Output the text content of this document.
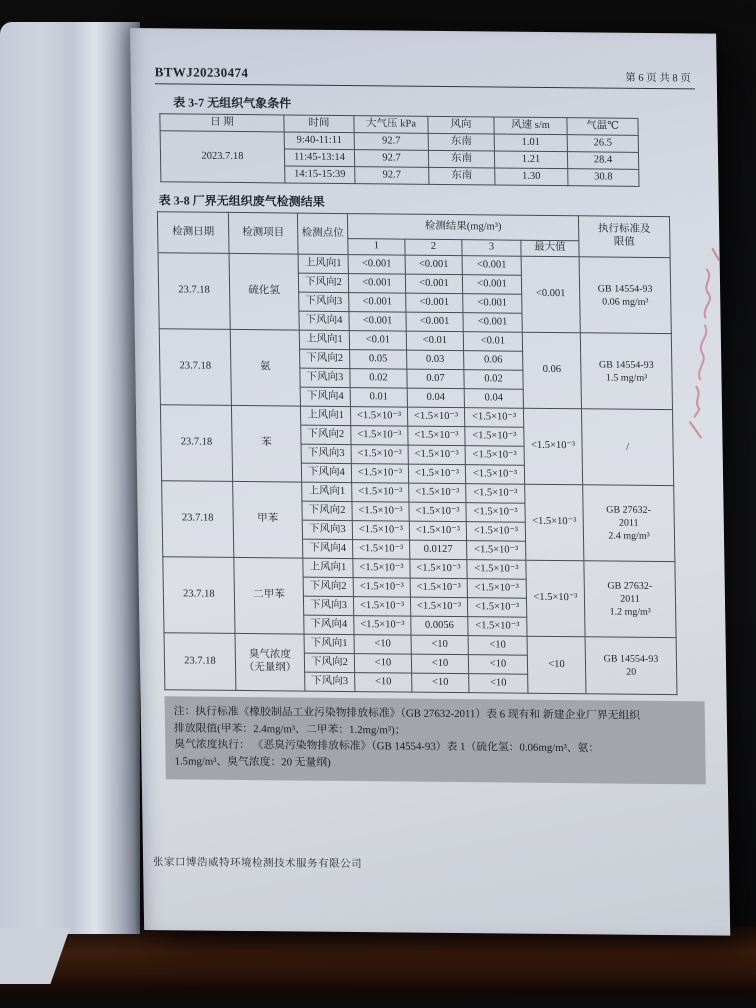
BTWJ20230474	第 6 页 共 8 页
表 3-7 无组织气象条件
日 期	时间	大气压 kPa	风向	风速 s/m	气温℃
2023.7.18	9:40-11:11	92.7	东南	1.01	26.5
	11:45-13:14	92.7	东南	1.21	28.4
	14:15-15:39	92.7	东南	1.30	30.8
表 3-8 厂界无组织废气检测结果
检测日期	检测项目	检测点位	检测结果(mg/m³)				执行标准及
限值
			1	2	3	最大值	
23.7.18	硫化氢	上风向1	<0.001	<0.001	<0.001	<0.001	GB 14554-93
0.06 mg/m³
		下风向2	<0.001	<0.001	<0.001		
		下风向3	<0.001	<0.001	<0.001		
		下风向4	<0.001	<0.001	<0.001		
23.7.18	氨	上风向1	<0.01	<0.01	<0.01	0.06	GB 14554-93
1.5 mg/m³
		下风向2	0.05	0.03	0.06		
		下风向3	0.02	0.07	0.02		
		下风向4	0.01	0.04	0.04		
23.7.18	苯	上风向1	<1.5×10⁻³	<1.5×10⁻³	<1.5×10⁻³	<1.5×10⁻³	/
		下风向2	<1.5×10⁻³	<1.5×10⁻³	<1.5×10⁻³		
		下风向3	<1.5×10⁻³	<1.5×10⁻³	<1.5×10⁻³		
		下风向4	<1.5×10⁻³	<1.5×10⁻³	<1.5×10⁻³		
23.7.18	甲苯	上风向1	<1.5×10⁻³	<1.5×10⁻³	<1.5×10⁻³	<1.5×10⁻³	GB 27632-
2011
2.4 mg/m³
		下风向2	<1.5×10⁻³	<1.5×10⁻³	<1.5×10⁻³		
		下风向3	<1.5×10⁻³	<1.5×10⁻³	<1.5×10⁻³		
		下风向4	<1.5×10⁻³	0.0127	<1.5×10⁻³		
23.7.18	二甲苯	上风向1	<1.5×10⁻³	<1.5×10⁻³	<1.5×10⁻³	<1.5×10⁻³	GB 27632-
2011
1.2 mg/m³
		下风向2	<1.5×10⁻³	<1.5×10⁻³	<1.5×10⁻³		
		下风向3	<1.5×10⁻³	<1.5×10⁻³	<1.5×10⁻³		
		下风向4	<1.5×10⁻³	0.0056	<1.5×10⁻³		
23.7.18	臭气浓度
（无量纲）	下风向1	<10	<10	<10	<10	GB 14554-93
20
		下风向2	<10	<10	<10		
		下风向3	<10	<10	<10		
注：执行标准《橡胶制品工业污染物排放标准》（GB 27632-2011）表 6 现有和 新建企业厂界无组织
排放限值(甲苯：2.4mg/m³、二甲苯：1.2mg/m³)；
臭气浓度执行： 《恶臭污染物排放标准》（GB 14554-93）表 1（硫化氢：0.06mg/m³、氨：
1.5mg/m³、臭气浓度：20 无量纲)
张家口博浩威特环境检测技术服务有限公司
